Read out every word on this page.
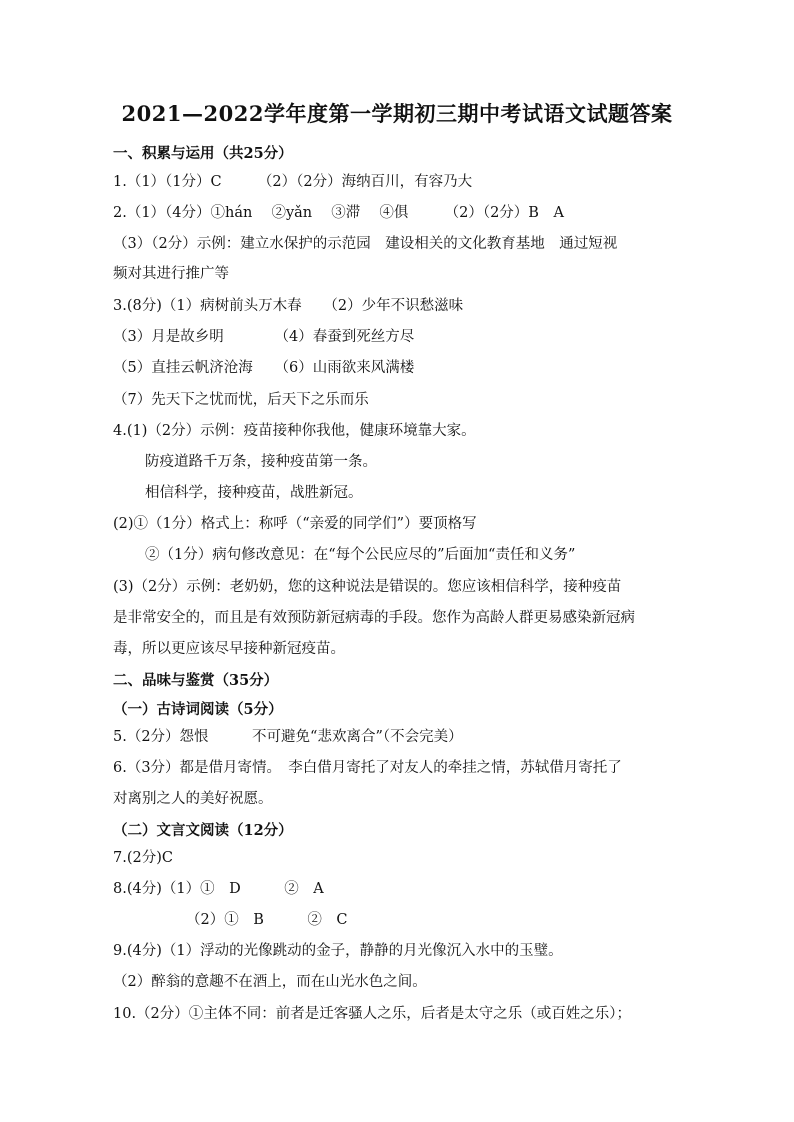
2021—2022学年度第一学期初三期中考试语文试题答案
一、积累与运用（共25分）
1.（1）（1分）C　　　（2）（2分）海纳百川，有容乃大
2.（1）（4分）①hán　 ②yǎn　 ③滞　 ④俱　　　（2）（2分）B　A
（3）（2分）示例：建立水保护的示范园　建设相关的文化教育基地　通过短视
频对其进行推广等
3.(8分)（1）病树前头万木春　　（2）少年不识愁滋味
（3）月是故乡明　　　　（4）春蚕到死丝方尽
（5）直挂云帆济沧海　　（6）山雨欲来风满楼
（7）先天下之忧而忧，后天下之乐而乐
4.(1)（2分）示例：疫苗接种你我他，健康环境靠大家。
防疫道路千万条，接种疫苗第一条。
相信科学，接种疫苗，战胜新冠。
(2)①（1分）格式上：称呼（“亲爱的同学们”）要顶格写
②（1分）病句修改意见：在“每个公民应尽的”后面加“责任和义务”
(3)（2分）示例：老奶奶，您的这种说法是错误的。您应该相信科学，接种疫苗
是非常安全的，而且是有效预防新冠病毒的手段。您作为高龄人群更易感染新冠病
毒，所以更应该尽早接种新冠疫苗。
二、品味与鉴赏（35分）
（一）古诗词阅读（5分）
5.（2分）怨恨　　　不可避免“悲欢离合”（不会完美）
6.（3分）都是借月寄情。　李白借月寄托了对友人的牵挂之情，苏轼借月寄托了
对离别之人的美好祝愿。
（二）文言文阅读（12分）
7.(2分)C
8.(4分)（1）①　D　　　②　A
（2）①　B　　　②　C
9.(4分)（1）浮动的光像跳动的金子，静静的月光像沉入水中的玉璧。
（2）醉翁的意趣不在酒上，而在山光水色之间。
10.（2分）①主体不同：前者是迁客骚人之乐，后者是太守之乐（或百姓之乐）；
